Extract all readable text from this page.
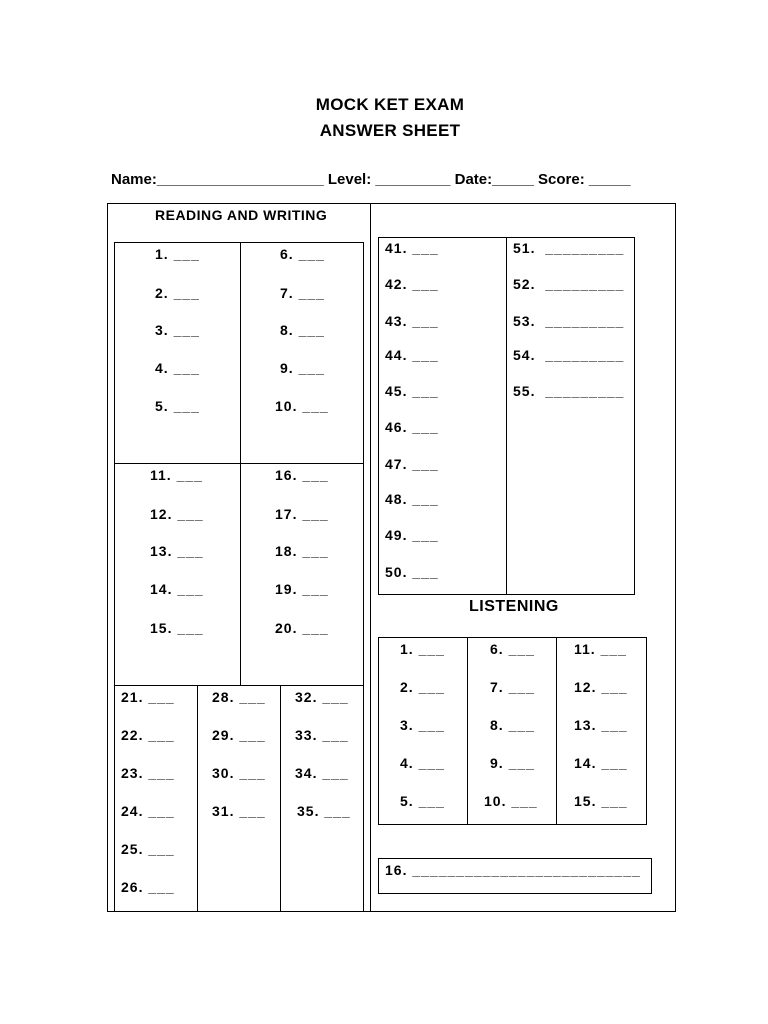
MOCK KET EXAM
ANSWER SHEET
Name:____________________ Level: _________ Date:_____ Score: _____
READING AND WRITING
LISTENING
1. ___
2. ___
3. ___
4. ___
5. ___
6. ___
7. ___
8. ___
9. ___
10. ___
11. ___
12. ___
13. ___
14. ___
15. ___
16. ___
17. ___
18. ___
19. ___
20. ___
21. ___
22. ___
23. ___
24. ___
25. ___
26. ___
28. ___
29. ___
30. ___
31. ___
32. ___
33. ___
34. ___
35. ___
41. ___
42. ___
43. ___
44. ___
45. ___
46. ___
47. ___
48. ___
49. ___
50. ___
51.  _________
52.  _________
53.  _________
54.  _________
55.  _________
1. ___
2. ___
3. ___
4. ___
5. ___
6. ___
7. ___
8. ___
9. ___
10. ___
11. ___
12. ___
13. ___
14. ___
15. ___
16. __________________________
